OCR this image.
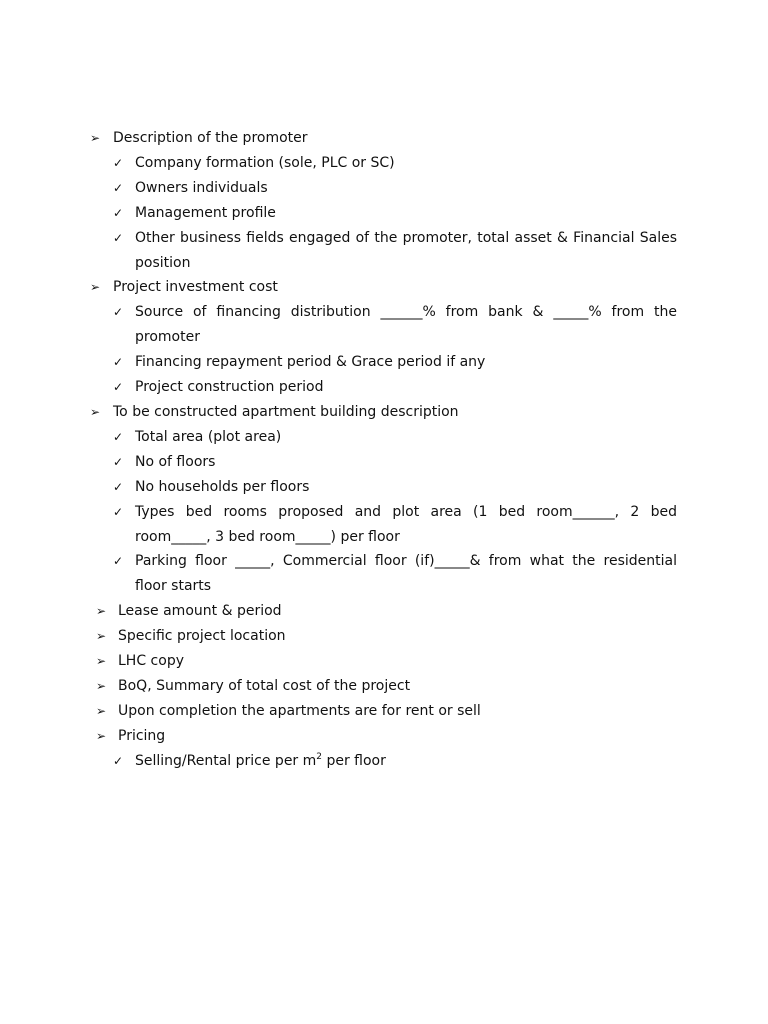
➢ Description of the promoter
✓ Company formation (sole, PLC or SC)
✓ Owners individuals
✓ Management profile
✓ Other business fields engaged of the promoter, total asset & Financial Sales position
➢ Project investment cost
✓ Source of financing distribution ______% from bank & _____% from the promoter
✓ Financing repayment period & Grace period if any
✓ Project construction period
➢ To be constructed apartment building description
✓ Total area (plot area)
✓ No of floors
✓ No households per floors
✓ Types bed rooms proposed and plot area (1 bed room______, 2 bed room_____, 3 bed room_____) per floor
✓ Parking floor _____, Commercial floor (if)_____& from what the residential floor starts
➢ Lease amount & period
➢ Specific project location
➢ LHC copy
➢ BoQ, Summary of total cost of the project
➢ Upon completion the apartments are for rent or sell
➢ Pricing
✓ Selling/Rental price per $m^2$ per floor
